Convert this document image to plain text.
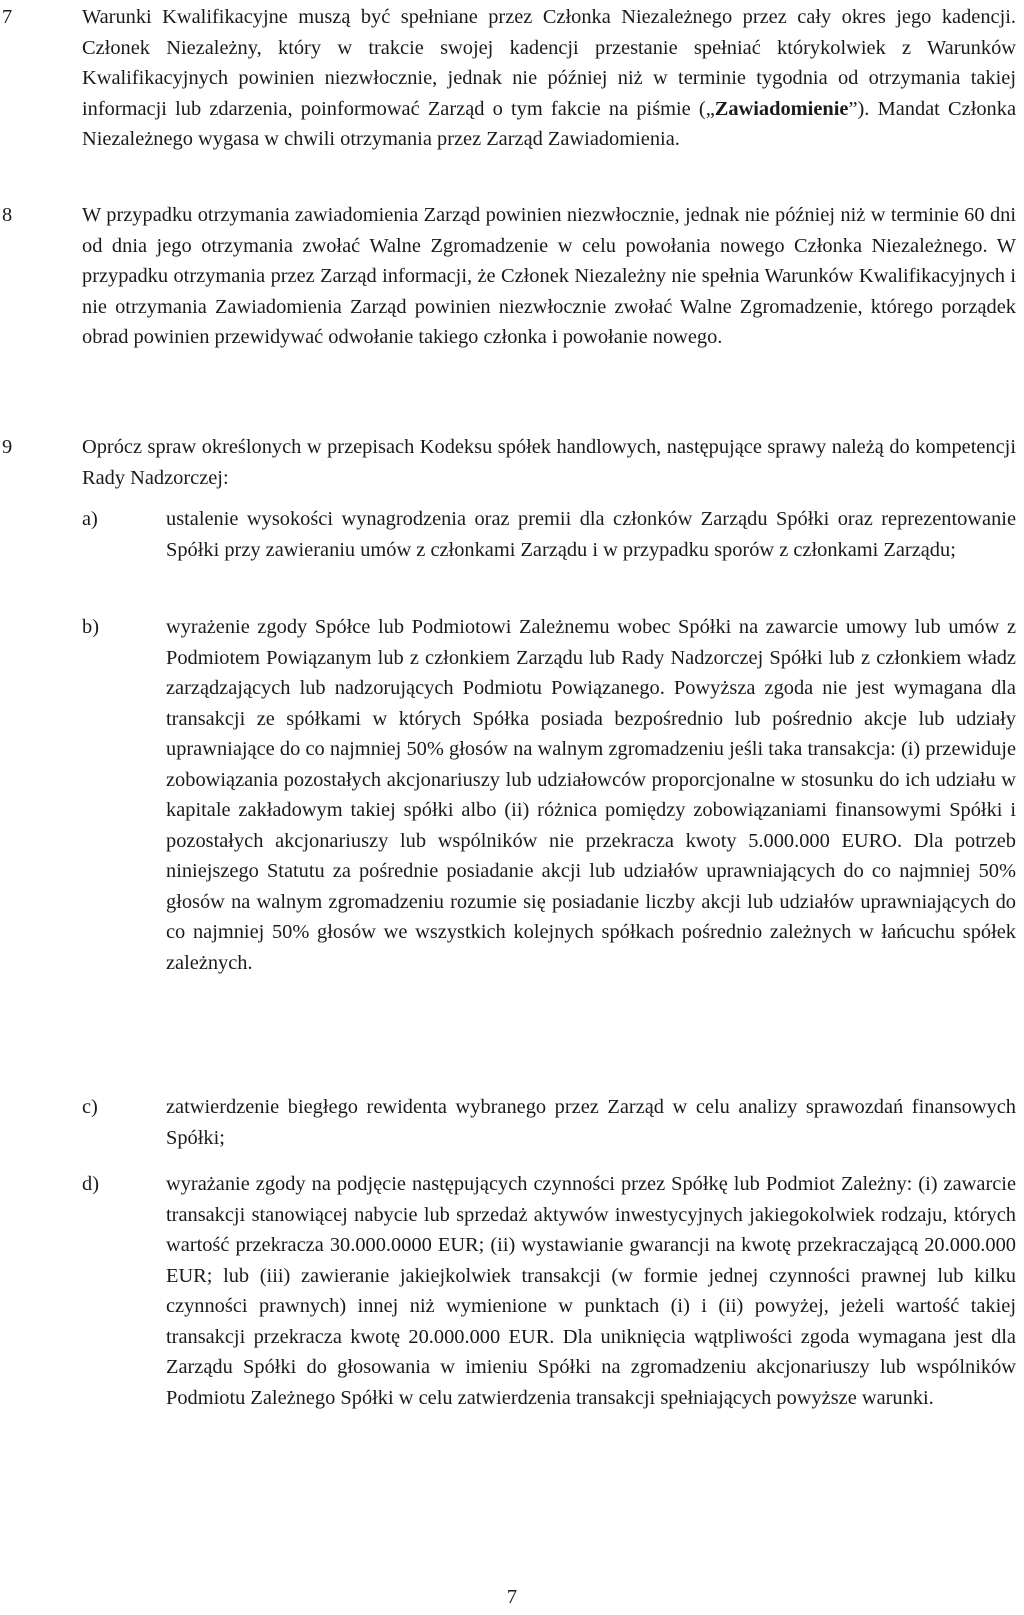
7	Warunki Kwalifikacyjne muszą być spełniane przez Członka Niezależnego przez cały okres jego kadencji. Członek Niezależny, który w trakcie swojej kadencji przestanie spełniać którykolwiek z Warunków Kwalifikacyjnych powinien niezwłocznie, jednak nie później niż w terminie tygodnia od otrzymania takiej informacji lub zdarzenia, poinformować Zarząd o tym fakcie na piśmie („Zawiadomienie”). Mandat Członka Niezależnego wygasa w chwili otrzymania przez Zarząd Zawiadomienia.

8	W przypadku otrzymania zawiadomienia Zarząd powinien niezwłocznie, jednak nie później niż w terminie 60 dni od dnia jego otrzymania zwołać Walne Zgromadzenie w celu powołania nowego Członka Niezależnego. W przypadku otrzymania przez Zarząd informacji, że Członek Niezależny nie spełnia Warunków Kwalifikacyjnych i nie otrzymania Zawiadomienia Zarząd powinien niezwłocznie zwołać Walne Zgromadzenie, którego porządek obrad powinien przewidywać odwołanie takiego członka i powołanie nowego.

9	Oprócz spraw określonych w przepisach Kodeksu spółek handlowych, następujące sprawy należą do kompetencji Rady Nadzorczej:

a)	ustalenie wysokości wynagrodzenia oraz premii dla członków Zarządu Spółki oraz reprezentowanie Spółki przy zawieraniu umów z członkami Zarządu i w przypadku sporów z członkami Zarządu;

b)	wyrażenie zgody Spółce lub Podmiotowi Zależnemu wobec Spółki na zawarcie umowy lub umów z Podmiotem Powiązanym lub z członkiem Zarządu lub Rady Nadzorczej Spółki lub z członkiem władz zarządzających lub nadzorujących Podmiotu Powiązanego. Powyższa zgoda nie jest wymagana dla transakcji ze spółkami w których Spółka posiada bezpośrednio lub pośrednio akcje lub udziały uprawniające do co najmniej 50% głosów na walnym zgromadzeniu jeśli taka transakcja: (i) przewiduje zobowiązania pozostałych akcjonariuszy lub udziałowców proporcjonalne w stosunku do ich udziału w kapitale zakładowym takiej spółki albo (ii) różnica pomiędzy zobowiązaniami finansowymi Spółki i pozostałych akcjonariuszy lub wspólników nie przekracza kwoty 5.000.000 EURO. Dla potrzeb niniejszego Statutu za pośrednie posiadanie akcji lub udziałów uprawniających do co najmniej 50% głosów na walnym zgromadzeniu rozumie się posiadanie liczby akcji lub udziałów uprawniających do co najmniej 50% głosów we wszystkich kolejnych spółkach pośrednio zależnych w łańcuchu spółek zależnych.

c)	zatwierdzenie biegłego rewidenta wybranego przez Zarząd w celu analizy sprawozdań finansowych Spółki;

d)	wyrażanie zgody na podjęcie następujących czynności przez Spółkę lub Podmiot Zależny: (i) zawarcie transakcji stanowiącej nabycie lub sprzedaż aktywów inwestycyjnych jakiegokolwiek rodzaju, których wartość przekracza 30.000.0000 EUR; (ii) wystawianie gwarancji na kwotę przekraczającą 20.000.000 EUR; lub (iii) zawieranie jakiejkolwiek transakcji (w formie jednej czynności prawnej lub kilku czynności prawnych) innej niż wymienione w punktach (i) i (ii) powyżej, jeżeli wartość takiej transakcji przekracza kwotę 20.000.000 EUR. Dla uniknięcia wątpliwości zgoda wymagana jest dla Zarządu Spółki do głosowania w imieniu Spółki na zgromadzeniu akcjonariuszy lub wspólników Podmiotu Zależnego Spółki w celu zatwierdzenia transakcji spełniających powyższe warunki.

7
